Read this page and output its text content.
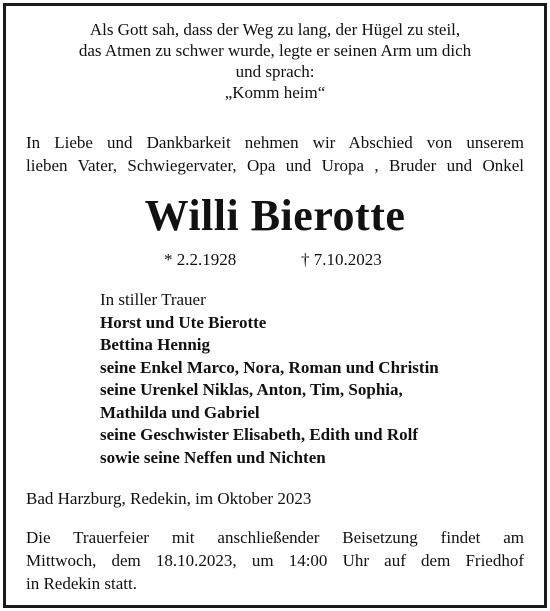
Als Gott sah, dass der Weg zu lang, der Hügel zu steil,
das Atmen zu schwer wurde, legte er seinen Arm um dich
und sprach:
„Komm heim“
In Liebe und Dankbarkeit nehmen wir Abschied von unserem
lieben Vater, Schwiegervater, Opa und Uropa , Bruder und Onkel
Willi Bierotte
* 2.2.1928	† 7.10.2023
In stiller Trauer
Horst und Ute Bierotte
Bettina Hennig
seine Enkel Marco, Nora, Roman und Christin
seine Urenkel Niklas, Anton, Tim, Sophia,
Mathilda und Gabriel
seine Geschwister Elisabeth, Edith und Rolf
sowie seine Neffen und Nichten
Bad Harzburg, Redekin, im Oktober 2023
Die Trauerfeier mit anschließender Beisetzung findet am
Mittwoch, dem 18.10.2023, um 14:00 Uhr auf dem Friedhof
in Redekin statt.
